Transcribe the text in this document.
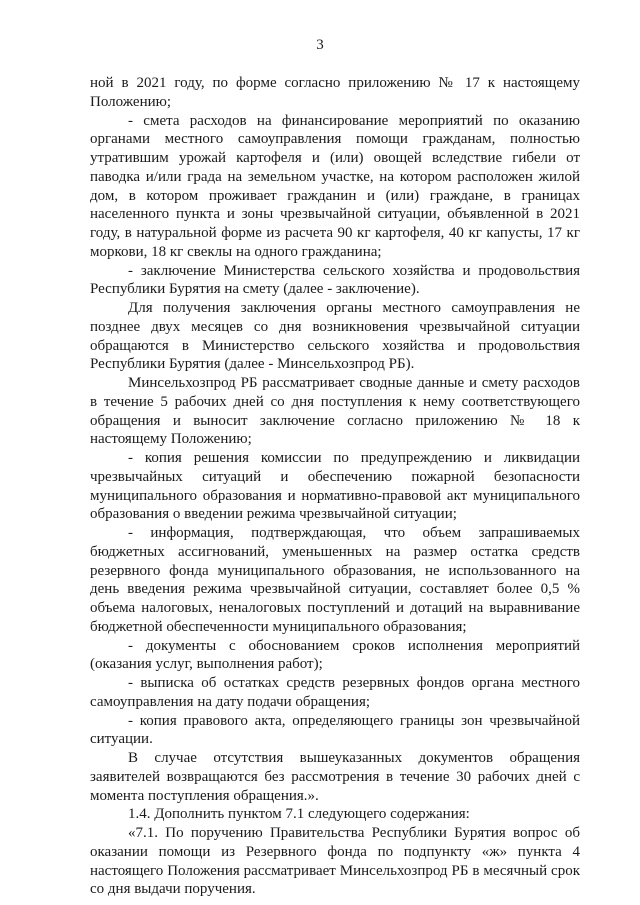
3

ной в 2021 году, по форме согласно приложению № 17 к настоящему Положению;

- смета расходов на финансирование мероприятий по оказанию органами местного самоуправления помощи гражданам, полностью утратившим урожай картофеля и (или) овощей вследствие гибели от паводка и/или града на земельном участке, на котором расположен жилой дом, в котором проживает гражданин и (или) граждане, в границах населенного пункта и зоны чрезвычайной ситуации, объявленной в 2021 году, в натуральной форме из расчета 90 кг картофеля, 40 кг капусты, 17 кг моркови, 18 кг свеклы на одного гражданина;

- заключение Министерства сельского хозяйства и продовольствия Республики Бурятия на смету (далее - заключение).

Для получения заключения органы местного самоуправления не позднее двух месяцев со дня возникновения чрезвычайной ситуации обращаются в Министерство сельского хозяйства и продовольствия Республики Бурятия (далее - Минсельхозпрод РБ).

Минсельхозпрод РБ рассматривает сводные данные и смету расходов в течение 5 рабочих дней со дня поступления к нему соответствующего обращения и выносит заключение согласно приложению № 18 к настоящему Положению;

- копия решения комиссии по предупреждению и ликвидации чрезвычайных ситуаций и обеспечению пожарной безопасности муниципального образования и нормативно-правовой акт муниципального образования о введении режима чрезвычайной ситуации;

- информация, подтверждающая, что объем запрашиваемых бюджетных ассигнований, уменьшенных на размер остатка средств резервного фонда муниципального образования, не использованного на день введения режима чрезвычайной ситуации, составляет более 0,5 % объема налоговых, неналоговых поступлений и дотаций на выравнивание бюджетной обеспеченности муниципального образования;

- документы с обоснованием сроков исполнения мероприятий (оказания услуг, выполнения работ);

- выписка об остатках средств резервных фондов органа местного самоуправления на дату подачи обращения;

- копия правового акта, определяющего границы зон чрезвычайной ситуации.

В случае отсутствия вышеуказанных документов обращения заявителей возвращаются без рассмотрения в течение 30 рабочих дней с момента поступления обращения.».

1.4. Дополнить пунктом 7.1 следующего содержания:

«7.1. По поручению Правительства Республики Бурятия вопрос об оказании помощи из Резервного фонда по подпункту «ж» пункта 4 настоящего Положения рассматривает Минсельхозпрод РБ в месячный срок со дня выдачи поручения.
